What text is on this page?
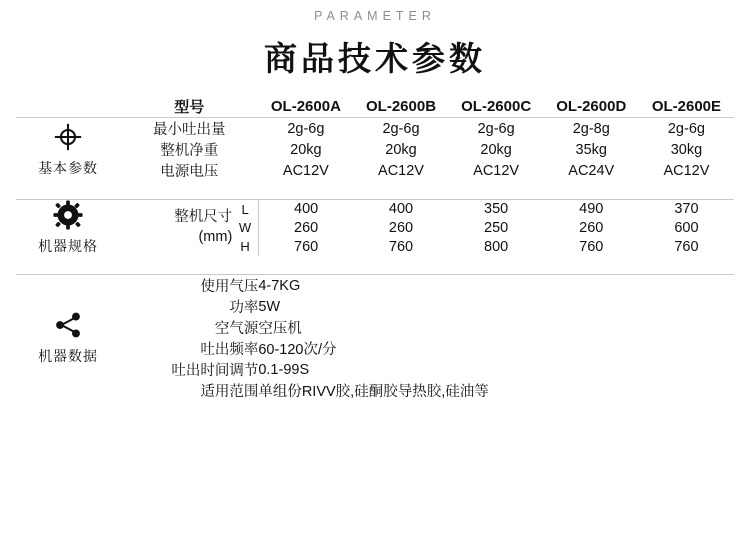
PARAMETER
商品技术参数
	型号		OL-2600A	OL-2600B	OL-2600C	OL-2600D	OL-2600E

基本参数	最小吐出量		2g-6g	2g-6g	2g-6g	2g-8g	2g-6g
	整机净重		20kg	20kg	20kg	35kg	30kg
	电源电压		AC12V	AC12V	AC12V	AC24V	AC12V

机器规格	整机尺寸
(mm)	L	400	400	350	490	370
		W	260	260	250	260	600
		H	760	760	800	760	760

机器数据	使用气压		4-7KG				
	功率		5W				
	空气源		空压机				
	吐出频率		60-120次/分				
	吐出时间调节		0.1-99S				
	适用范围		单组份RIVV胶,硅酮胶导热胶,硅油等				
